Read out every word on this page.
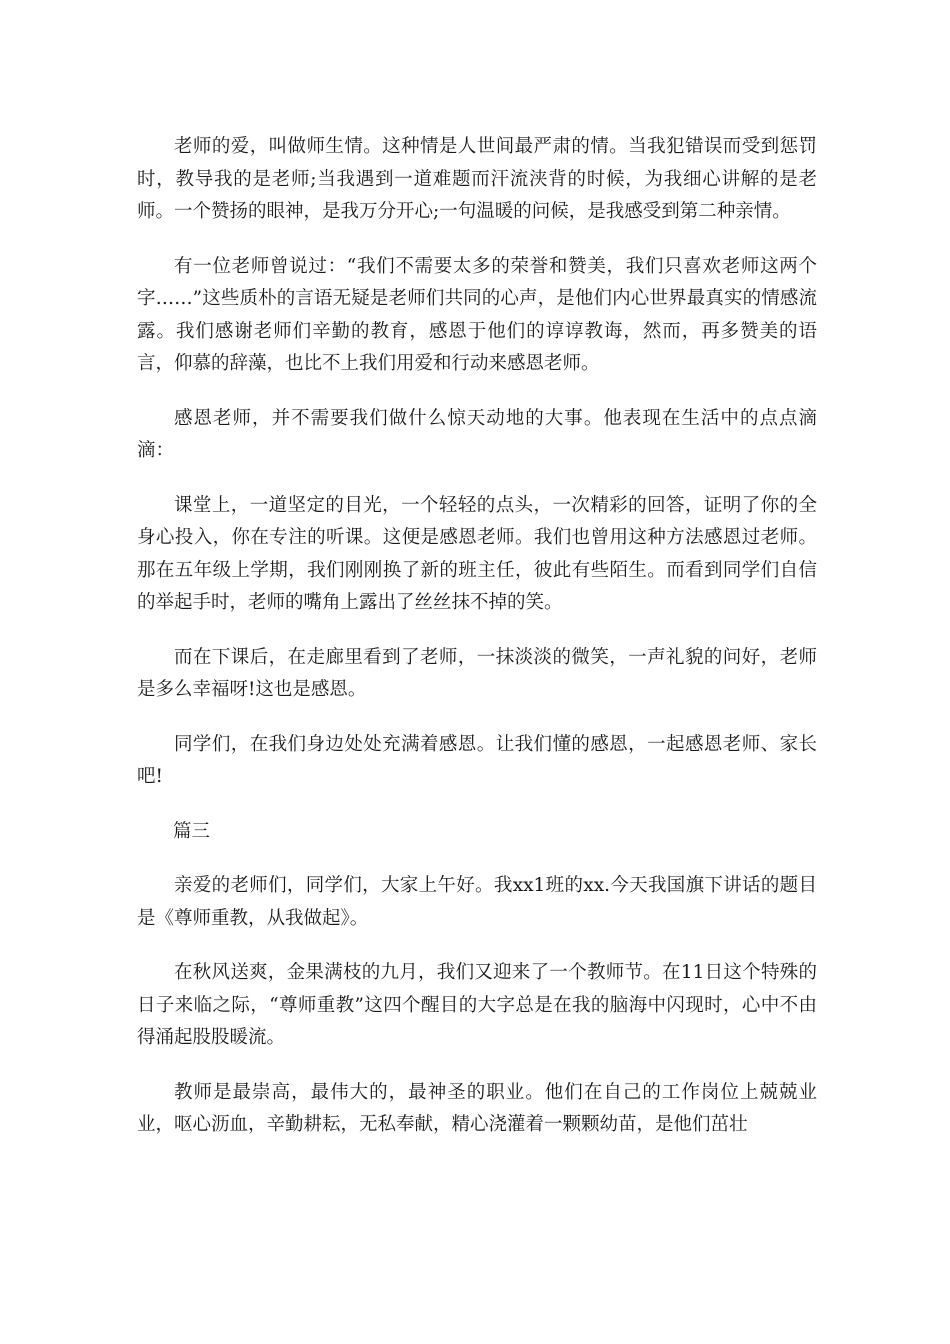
老师的爱，叫做师生情。这种情是人世间最严肃的情。当我犯错误而受到惩罚时，教导我的是老师;当我遇到一道难题而汗流浃背的时候，为我细心讲解的是老师。一个赞扬的眼神，是我万分开心;一句温暖的问候，是我感受到第二种亲情。

有一位老师曾说过：“我们不需要太多的荣誉和赞美，我们只喜欢老师这两个字……”这些质朴的言语无疑是老师们共同的心声，是他们内心世界最真实的情感流露。我们感谢老师们辛勤的教育，感恩于他们的谆谆教诲，然而，再多赞美的语言，仰慕的辞藻，也比不上我们用爱和行动来感恩老师。

感恩老师，并不需要我们做什么惊天动地的大事。他表现在生活中的点点滴滴：

课堂上，一道坚定的目光，一个轻轻的点头，一次精彩的回答，证明了你的全身心投入，你在专注的听课。这便是感恩老师。我们也曾用这种方法感恩过老师。那在五年级上学期，我们刚刚换了新的班主任，彼此有些陌生。而看到同学们自信的举起手时，老师的嘴角上露出了丝丝抹不掉的笑。

而在下课后，在走廊里看到了老师，一抹淡淡的微笑，一声礼貌的问好，老师是多么幸福呀!这也是感恩。

同学们，在我们身边处处充满着感恩。让我们懂的感恩，一起感恩老师、家长吧!

篇三

亲爱的老师们，同学们，大家上午好。我xx1班的xx.今天我国旗下讲话的题目是《尊师重教，从我做起》。

在秋风送爽，金果满枝的九月，我们又迎来了一个教师节。在11日这个特殊的日子来临之际，“尊师重教”这四个醒目的大字总是在我的脑海中闪现时，心中不由得涌起股股暖流。

教师是最崇高，最伟大的，最神圣的职业。他们在自己的工作岗位上兢兢业业，呕心沥血，辛勤耕耘，无私奉献，精心浇灌着一颗颗幼苗，是他们茁壮
